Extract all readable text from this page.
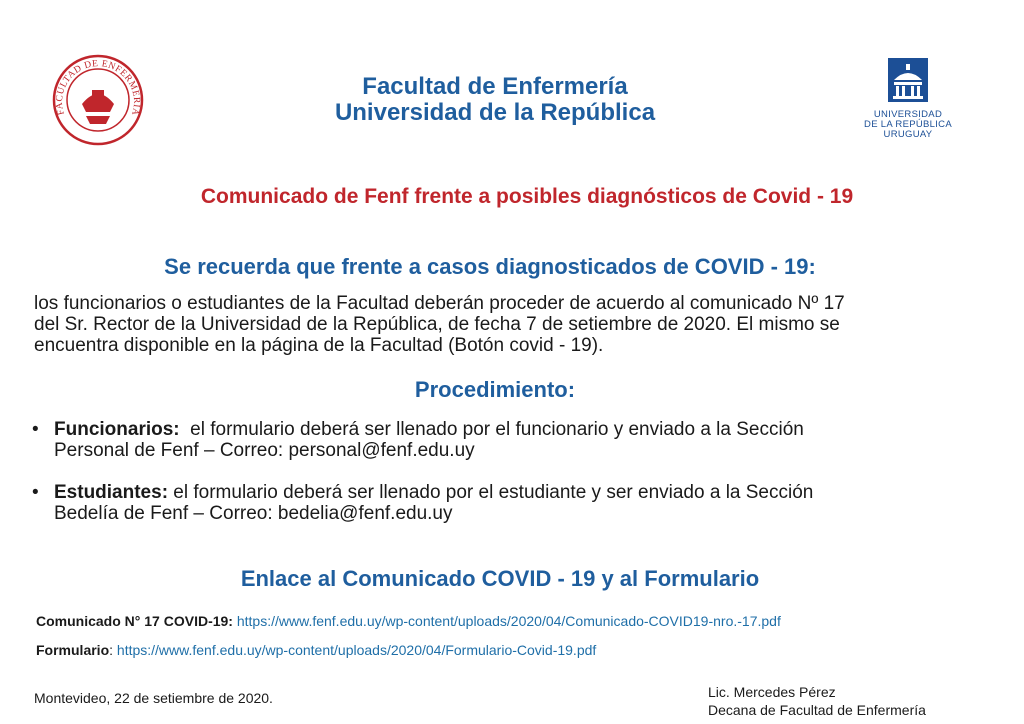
FACULTAD DE ENFERMERIA
Facultad de Enfermería
Universidad de la República	UNIVERSIDAD
DE LA REPÚBLICA
URUGUAY
Comunicado de Fenf frente a posibles diagnósticos de Covid - 19
Se recuerda que frente a casos diagnosticados de COVID - 19:
los funcionarios o estudiantes de la Facultad deberán proceder de acuerdo al comunicado Nº 17
del Sr. Rector de la Universidad de la República, de fecha 7 de setiembre de 2020. El mismo se
encuentra disponible en la página de la Facultad (Botón covid - 19).
Procedimiento:
• Funcionarios:  el formulario deberá ser llenado por el funcionario y enviado a la Sección
Personal de Fenf – Correo: personal@fenf.edu.uy
• Estudiantes: el formulario deberá ser llenado por el estudiante y ser enviado a la Sección
Bedelía de Fenf – Correo: bedelia@fenf.edu.uy
Enlace al Comunicado COVID - 19 y al Formulario
Comunicado N° 17 COVID-19: https://www.fenf.edu.uy/wp-content/uploads/2020/04/Comunicado-COVID19-nro.-17.pdf
Formulario: https://www.fenf.edu.uy/wp-content/uploads/2020/04/Formulario-Covid-19.pdf
Montevideo, 22 de setiembre de 2020.	Lic. Mercedes Pérez
Decana de Facultad de Enfermería
